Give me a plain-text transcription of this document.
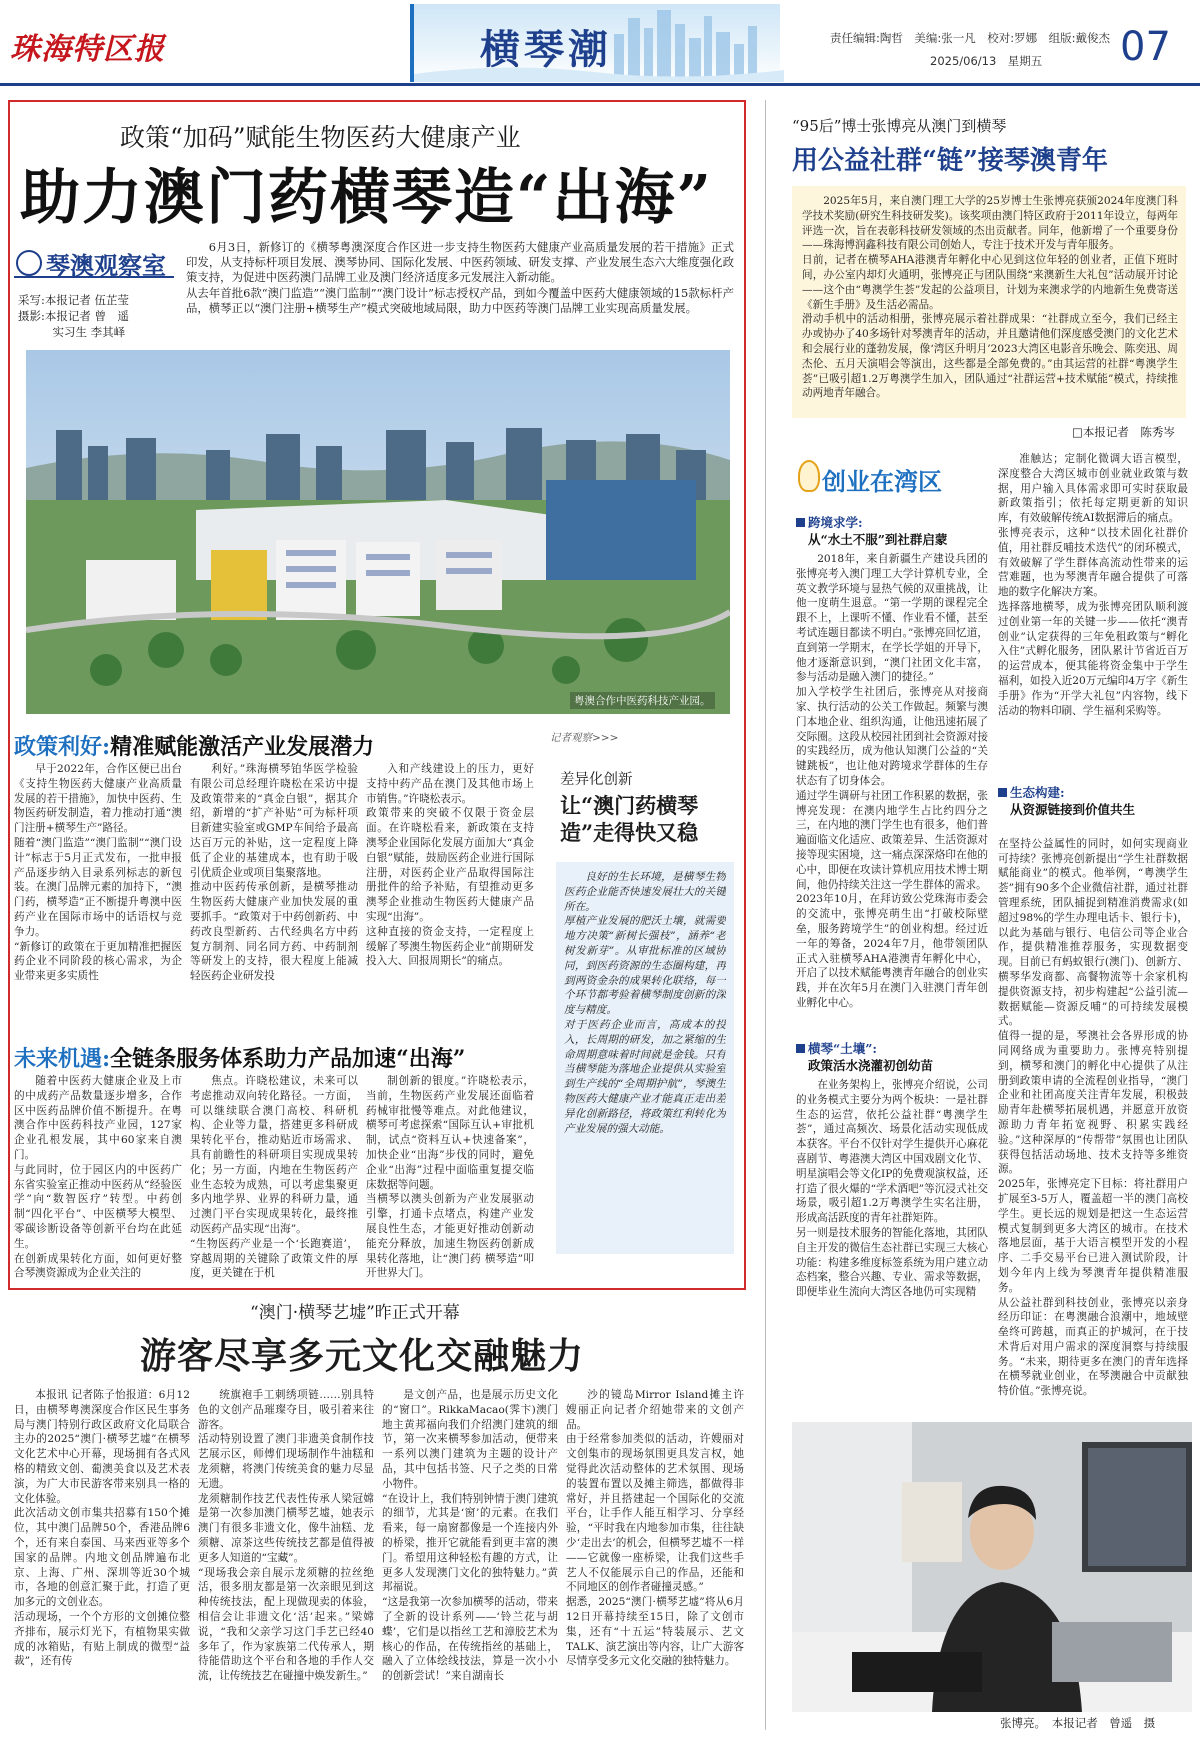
珠海特区报	横琴潮	责任编辑:陶哲　美编:张一凡　校对:罗娜　组版:戴俊杰
2025/06/13　星期五 07
政策“加码”赋能生物医药大健康产业
助力澳门药横琴造“出海”
琴澳观察室
采写:本报记者 伍芷莹
摄影:本报记者 曾　遥
　　　实习生 李其峄
6月3日，新修订的《横琴粤澳深度合作区进一步支持生物医药大健康产业高质量发展的若干措施》正式印发，从支持标杆项目发展、澳琴协同、国际化发展、中医药领域、研发支撑、产业发展生态六大维度强化政策支持，为促进中医药澳门品牌工业及澳门经济适度多元发展注入新动能。
从去年首批6款“澳门监造”“澳门监制”“澳门设计”标志授权产品，到如今覆盖中医药大健康领域的15款标杆产品，横琴正以“澳门注册+横琴生产”模式突破地域局限，助力中医药等澳门品牌工业实现高质量发展。
粤澳合作中医药科技产业园。
政策利好:精准赋能激活产业发展潜力
早于2022年，合作区便已出台《支持生物医药大健康产业高质量发展的若干措施》，加快中医药、生物医药研发制造，着力推动打通“澳门注册+横琴生产”路径。
随着“澳门监造”“澳门监制”“澳门设计”标志于5月正式发布，一批申报产品逐步纳入目录系列标志的新包装。在澳门品牌元素的加持下，“澳门药，横琴造”正不断提升粤澳中医药产业在国际市场中的话语权与竞争力。
“新修订的政策在于更加精准把握医药企业不同阶段的核心需求，为企业带来更多实质性
利好。”珠海横琴铂华医学检验有限公司总经理许晓松在采访中提及政策带来的“真金白银”，据其介绍，新增的“扩产补贴”可为标杆项目新建实验室或GMP车间给予最高达百万元的补贴，这一定程度上降低了企业的基建成本，也有助于吸引优质企业或项目集聚落地。
推动中医药传承创新，是横琴推动生物医药大健康产业加快发展的重要抓手。“政策对于中药创新药、中药改良型新药、古代经典名方中药复方制剂、同名同方药、中药制剂等研发上的支持，很大程度上能减轻医药企业研发投
入和产线建设上的压力，更好支持中药产品在澳门及其他市场上市销售。”许晓松表示。
政策带来的突破不仅限于资金层面。在许晓松看来，新政策在支持澳琴企业国际化发展方面加大“真金白银”赋能，鼓励医药企业进行国际注册，对医药企业产品取得国际注册批件的给予补贴，有望推动更多澳琴企业推动生物医药大健康产品实现“出海”。
这种直接的资金支持，一定程度上缓解了琴澳生物医药企业“前期研发投入大、回报周期长”的痛点。
未来机遇:全链条服务体系助力产品加速“出海”
随着中医药大健康企业及上市的中成药产品数量逐步增多，合作区中医药品牌价值不断提升。在粤澳合作中医药科技产业园，127家企业孔根发展，其中60家来自澳门。
与此同时，位于园区内的中医药广东省实验室正推动中医药从“经验医学”向“数智医疗”转型。中药创制“四化平台”、中医横琴大模型、零碳诊断设备等创新平台均在此延生。
在创新成果转化方面，如何更好整合琴澳资源成为企业关注的
焦点。许晓松建议，未来可以考虑推动双向转化路径。一方面，可以继续联合澳门高校、科研机构、企业等力量，搭建更多科研成果转化平台，推动贴近市场需求、具有前瞻性的科研项目实现成果转化；另一方面，内地在生物医药产业生态较为成熟，可以考虑集聚更多内地学界、业界的科研力量，通过澳门平台实现成果转化，最终推动医药产品实现“出海”。
“生物医药产业是一个‘长跑赛道’，穿越周期的关键除了政策文件的厚度，更关键在于机
制创新的银度。”许晓松表示，当前，生物医药产业发展还面临着药械审批慢等难点。对此他建议，横琴可考虑探索“国际互认+审批机制，试点“资料互认+快速备案”，加快企业“出海”步伐的同时，避免企业“出海”过程中面临重复提交临床数据等问题。
当横琴以澳头创新为产业发展驱动引擎，打通卡点堵点，构建产业发展良性生态，才能更好推动创新动能充分释放，加速生物医药创新成果转化落地，让“澳门药 横琴造”叩开世界大门。
记者观察>>>
差异化创新
让“澳门药横琴造”走得快又稳
良好的生长环境，是横琴生物医药企业能否快速发展壮大的关键所在。
厚植产业发展的肥沃土壤，就需要地方决策“新树长强枝”，涵养“老树发新芽”。从审批标准的区域协同，到医药资源的生态圈构建，再到两资金杂的成果转化联络，每一个环节都考验着横琴制度创新的深度与精度。
对于医药企业而言，高成本的投入，长周期的研发，加之紧缩的生命周期意味着时间就是金钱。只有当横琴能为落地企业提供从实验室到生产线的“全周期护航”，琴澳生物医药大健康产业才能真正走出差异化创新路径，将政策红利转化为产业发展的强大动能。
“95后”博士张博亮从澳门到横琴
用公益社群“链”接琴澳青年
2025年5月，来自澳门理工大学的25岁博士生张博亮获颁2024年度澳门科学技术奖励(研究生科技研发奖)。该奖项由澳门特区政府于2011年设立，每两年评选一次，旨在表彰科技研发领域的杰出贡献者。同年，他新增了一个重要身份——珠海博润鑫科技有限公司创始人，专注于技术开发与青年服务。
日前，记者在横琴AHA港澳青年孵化中心见到这位年轻的创业者，正值下班时间，办公室内却灯火通明，张博亮正与团队围绕“来澳新生大礼包”活动展开讨论——这个由“粤澳学生荟”发起的公益项目，计划为来澳求学的内地新生免费寄送《新生手册》及生活必需品。
滑动手机中的活动相册，张博亮展示着社群成果：“社群成立至今，我们已经主办或协办了40多场针对琴澳青年的活动，并且邀请他们深度感受澳门的文化艺术和会展行业的蓬勃发展，像‘湾区升明月’2023大湾区电影音乐晚会、陈奕迅、周杰伦、五月天演唱会等演出，这些都是全部免费的。”由其运营的社群“粤澳学生荟”已吸引超1.2万粤澳学生加入，团队通过“社群运营+技术赋能”模式，持续推动两地青年融合。
□本报记者　陈秀岑
创业在湾区
跨境求学:
从“水土不服”到社群启蒙
2018年，来自新疆生产建设兵团的张博亮考入澳门理工大学计算机专业，全英文教学环境与显热气候的双重挑战，让他一度萌生退意。“第一学期的课程完全跟不上，上课听不懂、作业看不懂，甚至考试连题目都读不明白。”张博亮回忆道，直到第一学期末，在学长学姐的开导下，他才逐渐意识到，“澳门社团文化丰富，参与活动是融入澳门的捷径。”
加入学校学生社团后，张博亮从对接商家、执行活动的公关工作做起。频繁与澳门本地企业、组织沟通，让他迅速拓展了交际圈。这段从校园社团到社会资源对接的实践经历，成为他认知澳门公益的“关键跳板”，也让他对跨境求学群体的生存状态有了切身体会。
通过学生调研与社团工作积累的数据，张博亮发现：在澳内地学生占比约四分之三，在内地的澳门学生也有很多，他们普遍面临文化适应、政策差异、生活资源对接等现实困境，这一痛点深深烙印在他的心中，即便在攻读计算机应用技术博士期间，他仍持续关注这一学生群体的需求。
2023年10月，在拜访致公党珠海市委会的交流中，张博亮萌生出“打破校际壁垒，服务跨境学生”的创业构想。经过近一年的筹备，2024年7月，他带领团队正式入驻横琴AHA港澳青年孵化中心，开启了以技术赋能粤澳青年融合的创业实践，并在次年5月在澳门入驻澳门青年创业孵化中心。
横琴“土壤”:
政策活水浇灌初创幼苗
在业务架构上，张博亮介绍说，公司的业务模式主要分为两个板块：一是社群生态的运营，依托公益社群“粤澳学生荟”，通过高频次、场景化活动实现低成本获客。平台不仅针对学生提供开心麻花喜剧节、粤港澳大湾区中国戏剧文化节、明星演唱会等文化IP的免费观演权益，还打造了很火爆的“学术酒吧”等沉浸式社交场景，吸引超1.2万粤澳学生实名注册，形成高活跃度的青年社群矩阵。
另一则是技术服务的智能化落地，其团队自主开发的微信生态社群已实现三大核心功能：构建多维度标签系统为用户建立动态档案，整合兴趣、专业、需求等数据，即便毕业生流向大湾区各地仍可实现精
准触达；定制化微调大语言模型，深度整合大湾区城市创业就业政策与数据，用户输入具体需求即可实时获取最新政策指引；依托每定期更新的知识库，有效破解传统AI数据滞后的痛点。
张博亮表示，这种“以技术固化社群价值，用社群反哺技术迭代”的闭环模式，有效破解了学生群体高流动性带来的运营难题，也为琴澳青年融合提供了可落地的数字化解决方案。
选择落地横琴，成为张博亮团队顺利渡过创业第一年的关键一步——依托“澳青创业”认定获得的三年免租政策与“孵化入住”式孵化服务，团队累计节省近百万的运营成本，便其能将资金集中于学生福利，如投入近20万元编印4万字《新生手册》作为“开学大礼包”内容物，线下活动的物料印刷、学生福利采购等。

生态构建:
从资源链接到价值共生

在坚持公益属性的同时，如何实现商业可持续？张博亮创新提出“学生社群数据赋能商业”的模式。他举例，“粤澳学生荟”拥有90多个企业微信社群，通过社群管理系统，团队捕捉到精准消费需求(如超过98%的学生办理电话卡、银行卡)，以此为基础与银行、电信公司等企业合作，提供精准推荐服务，实现数据变现。目前已有蚂蚁银行(澳门)、创新方、横琴华发商都、高餐物流等十余家机构提供资源支持，初步构建起“公益引流—数据赋能—资源反哺”的可持续发展模式。
值得一提的是，琴澳社会各界形成的协同网络成为重要助力。张博亮特别提到，横琴和澳门的孵化中心提供了从注册到政策申请的全流程创业指导，“澳门企业和社团高度关注青年发展，积极鼓励青年赴横琴拓展机遇，并愿意开放资源助力青年拓宽视野、积累实践经验。”这种深厚的“传帮带”氛围也让团队获得包括活动场地、技术支持等多维资源。
2025年，张博亮定下目标：将社群用户扩展至3-5万人，覆盖超一半的澳门高校学生。更长远的规划是把这一生态运营模式复制到更多大湾区的城市。在技术落地层面，基于大语言模型开发的小程序、二手交易平台已进入测试阶段，计划今年内上线为琴澳青年提供精准服务。
从公益社群到科技创业，张博亮以亲身经历印证：在粤澳融合浪潮中，地域壁垒终可跨越，而真正的护城河，在于技术背后对用户需求的深度洞察与持续服务。“未来，期待更多在澳门的青年选择在横琴就业创业，在琴澳融合中贡献独特价值。”张博亮说。

张博亮。　本报记者　曾遥　摄
“澳门·横琴艺墟”昨正式开幕
游客尽享多元文化交融魅力
本报讯 记者陈子怡报道：6月12日，由横琴粤澳深度合作区民生事务局与澳门特别行政区政府文化局联合主办的2025“澳门·横琴艺墟”在横琴文化艺术中心开幕，现场拥有各式风格的精致文创、葡澳美食以及艺术表演，为广大市民游客带来别具一格的文化体验。
此次活动文创市集共招募有150个摊位，其中澳门品牌50个，香港品牌6个，还有来自泰国、马来西亚等多个国家的品牌。内地文创品牌遍布北京、上海、广州、深圳等近30个城市，各地的创意汇聚于此，打造了更加多元的文创业态。
活动现场，一个个方形的文创摊位整齐排布，展示灯光下，有植物果实做成的冰箱贴，有贴上制成的微型“益裁”，还有传
统旗袍手工刺绣项链……别具特色的文创产品璀璨夺目，吸引着来往游客。
活动特别设置了澳门非遗美食制作技艺展示区，师傅们现场制作牛油糕和龙须糖，将澳门传统美食的魅力尽显无遗。
龙须糖制作技艺代表性传承人梁冠嫦是第一次参加澳门横琴艺墟，她表示澳门有很多非遗文化，像牛油糕、龙须糖、凉茶这些传统技艺都是值得被更多人知道的“宝藏”。
“现场我会亲自展示龙须糖的拉丝绝活，很多朋友都是第一次亲眼见到这种传统技法，配上现做现卖的体验，相信会让非遗文化‘活’起来。”梁嫦说，“我和父亲学习这门手艺已经40多年了，作为家族第二代传承人，期待能借助这个平台和各地的手作人交流，让传统技艺在碰撞中焕发新生。”
是文创产品，也是展示历史文化的“窗口”。RikkaMacao(霁卞)澳门地主黄邦福向我们介绍澳门建筑的细节，第一次来横琴参加活动，便带来一系列以澳门建筑为主题的设计产品，其中包括书签、尺子之类的日常小物件。
“在设计上，我们特别钟情于澳门建筑的细节，尤其是‘窗’的元素。在我们看来，每一扇窗都像是一个连接内外的桥梁，推开它就能看到更丰富的澳门。希望用这种轻松有趣的方式，让更多人发现澳门文化的独特魅力。”黄邦福说。
“这是我第一次参加横琴的活动，带来了全新的设计系列——‘铃兰花与胡蝶’，它们是以指丝工艺和漳胶艺术为核心的作品，在传统指丝的基础上，融入了立体绘线技法，算是一次小小的创新尝试！”来自湖南长
沙的镜岛Mirror Island摊主许嫂丽正向记者介绍她带来的文创产品。
由于经常参加类似的活动，许嫂丽对文创集市的现场氛围更具发言权，她觉得此次活动整体的艺术氛围、现场的装置布置以及摊主筛选，都做得非常好，并且搭建起一个国际化的交流平台，让手作人能互相学习、分享经验，“平时我在内地参加市集，往往缺少‘走出去’的机会，但横琴艺墟不一样——它就像一座桥梁，让我们这些手艺人不仅能展示自己的作品，还能和不同地区的创作者碰撞灵感。”
据悉，2025“澳门·横琴艺墟”将从6月12日开幕持续至15日，除了文创市集，还有“十五运”特装展示、艺文TALK、演艺演出等内容，让广大游客尽情享受多元文化交融的独特魅力。
